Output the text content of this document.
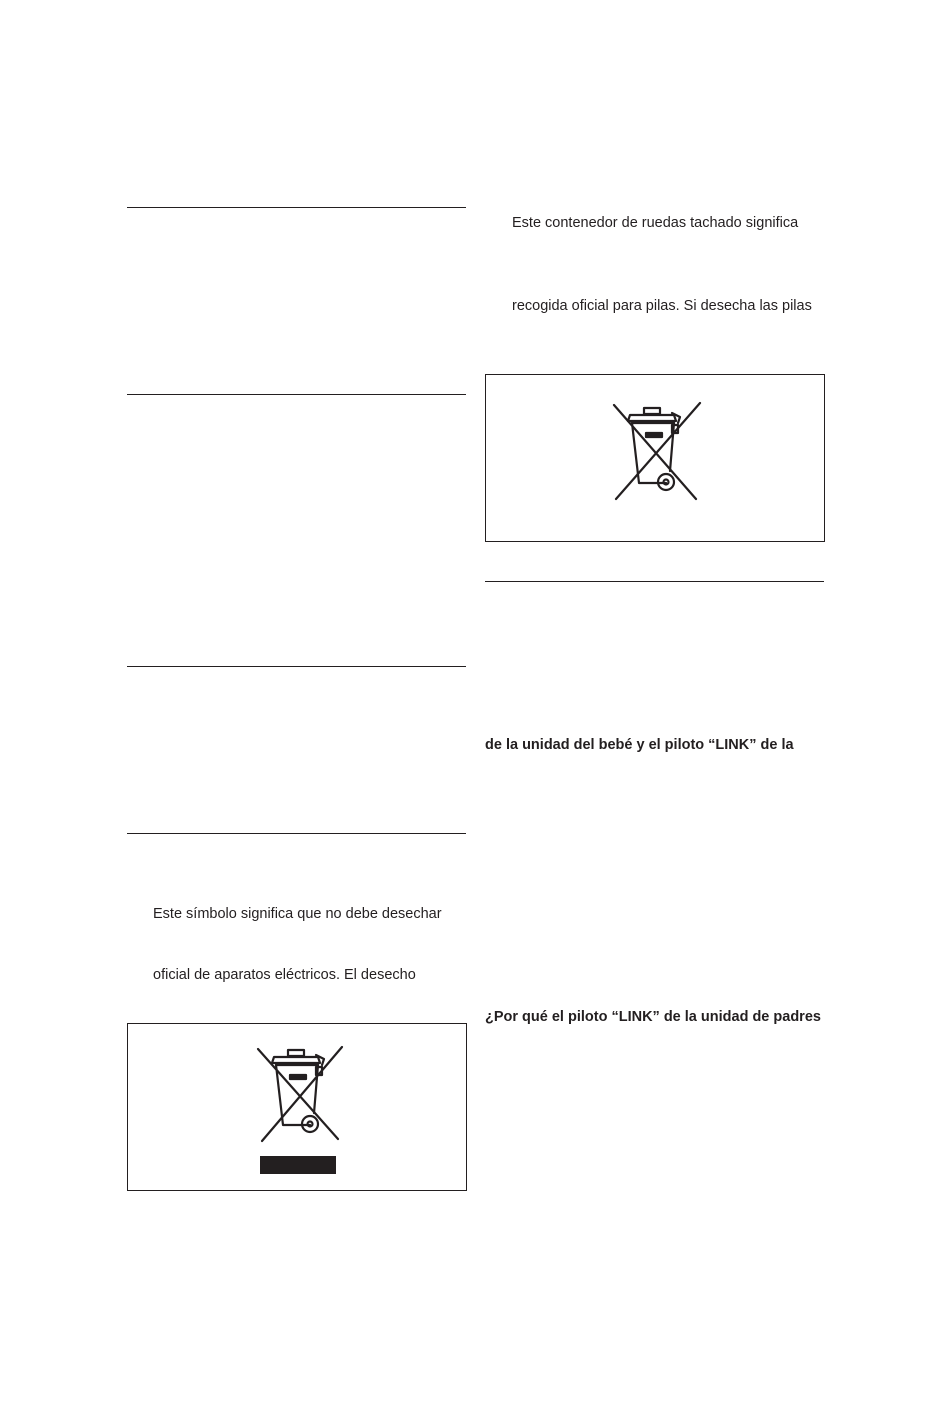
Este símbolo significa que no debe desechar
oficial de aparatos eléctricos. El desecho
Este contenedor de ruedas tachado significa
recogida oficial para pilas. Si desecha las pilas
de la unidad del bebé y el piloto “LINK” de la
¿Por qué el piloto “LINK” de la unidad de padres
